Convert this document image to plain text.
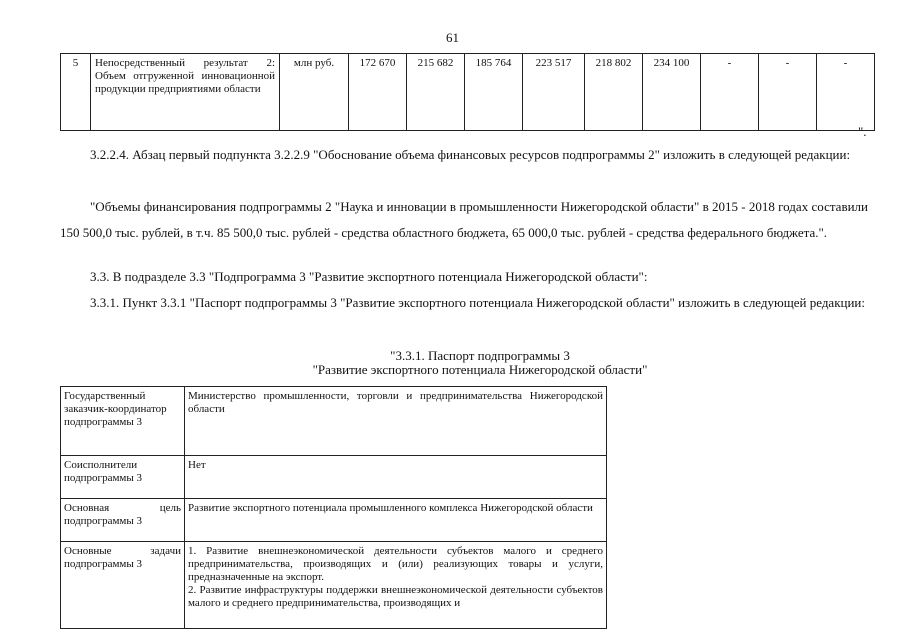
61
5	Непосредственный результат 2: Объем отгруженной инновационной продукции предприятиями области	млн руб.	172 670	215 682	185 764	223 517	218 802	234 100	-	-	-
".
3.2.2.4. Абзац первый подпункта 3.2.2.9 "Обоснование объема финансовых ресурсов подпрограммы 2" изложить в следующей редакции:
"Объемы финансирования подпрограммы 2 "Наука и инновации в промышленности Нижегородской области" в 2015 - 2018 годах составили 150 500,0 тыс. рублей, в т.ч. 85 500,0 тыс. рублей - средства областного бюджета, 65 000,0 тыс. рублей - средства федерального бюджета.".
3.3. В подразделе 3.3 "Подпрограмма 3 "Развитие экспортного потенциала Нижегородской области":
3.3.1. Пункт 3.3.1 "Паспорт подпрограммы 3 "Развитие экспортного потенциала Нижегородской области" изложить в следующей редакции:
"3.3.1. Паспорт подпрограммы 3
"Развитие экспортного потенциала Нижегородской области"
Государственный заказчик-координатор подпрограммы 3	Министерство промышленности, торговли и предпринимательства Нижегородской области
Соисполнители подпрограммы 3	Нет
Основная цель подпрограммы 3	Развитие экспортного потенциала промышленного комплекса Нижегородской области
Основные задачи подпрограммы 3	1. Развитие внешнеэкономической деятельности субъектов малого и среднего предпринимательства, производящих и (или) реализующих товары и услуги, предназначенные на экспорт.
2. Развитие инфраструктуры поддержки внешнеэкономической деятельности субъектов малого и среднего предпринимательства, производящих и
